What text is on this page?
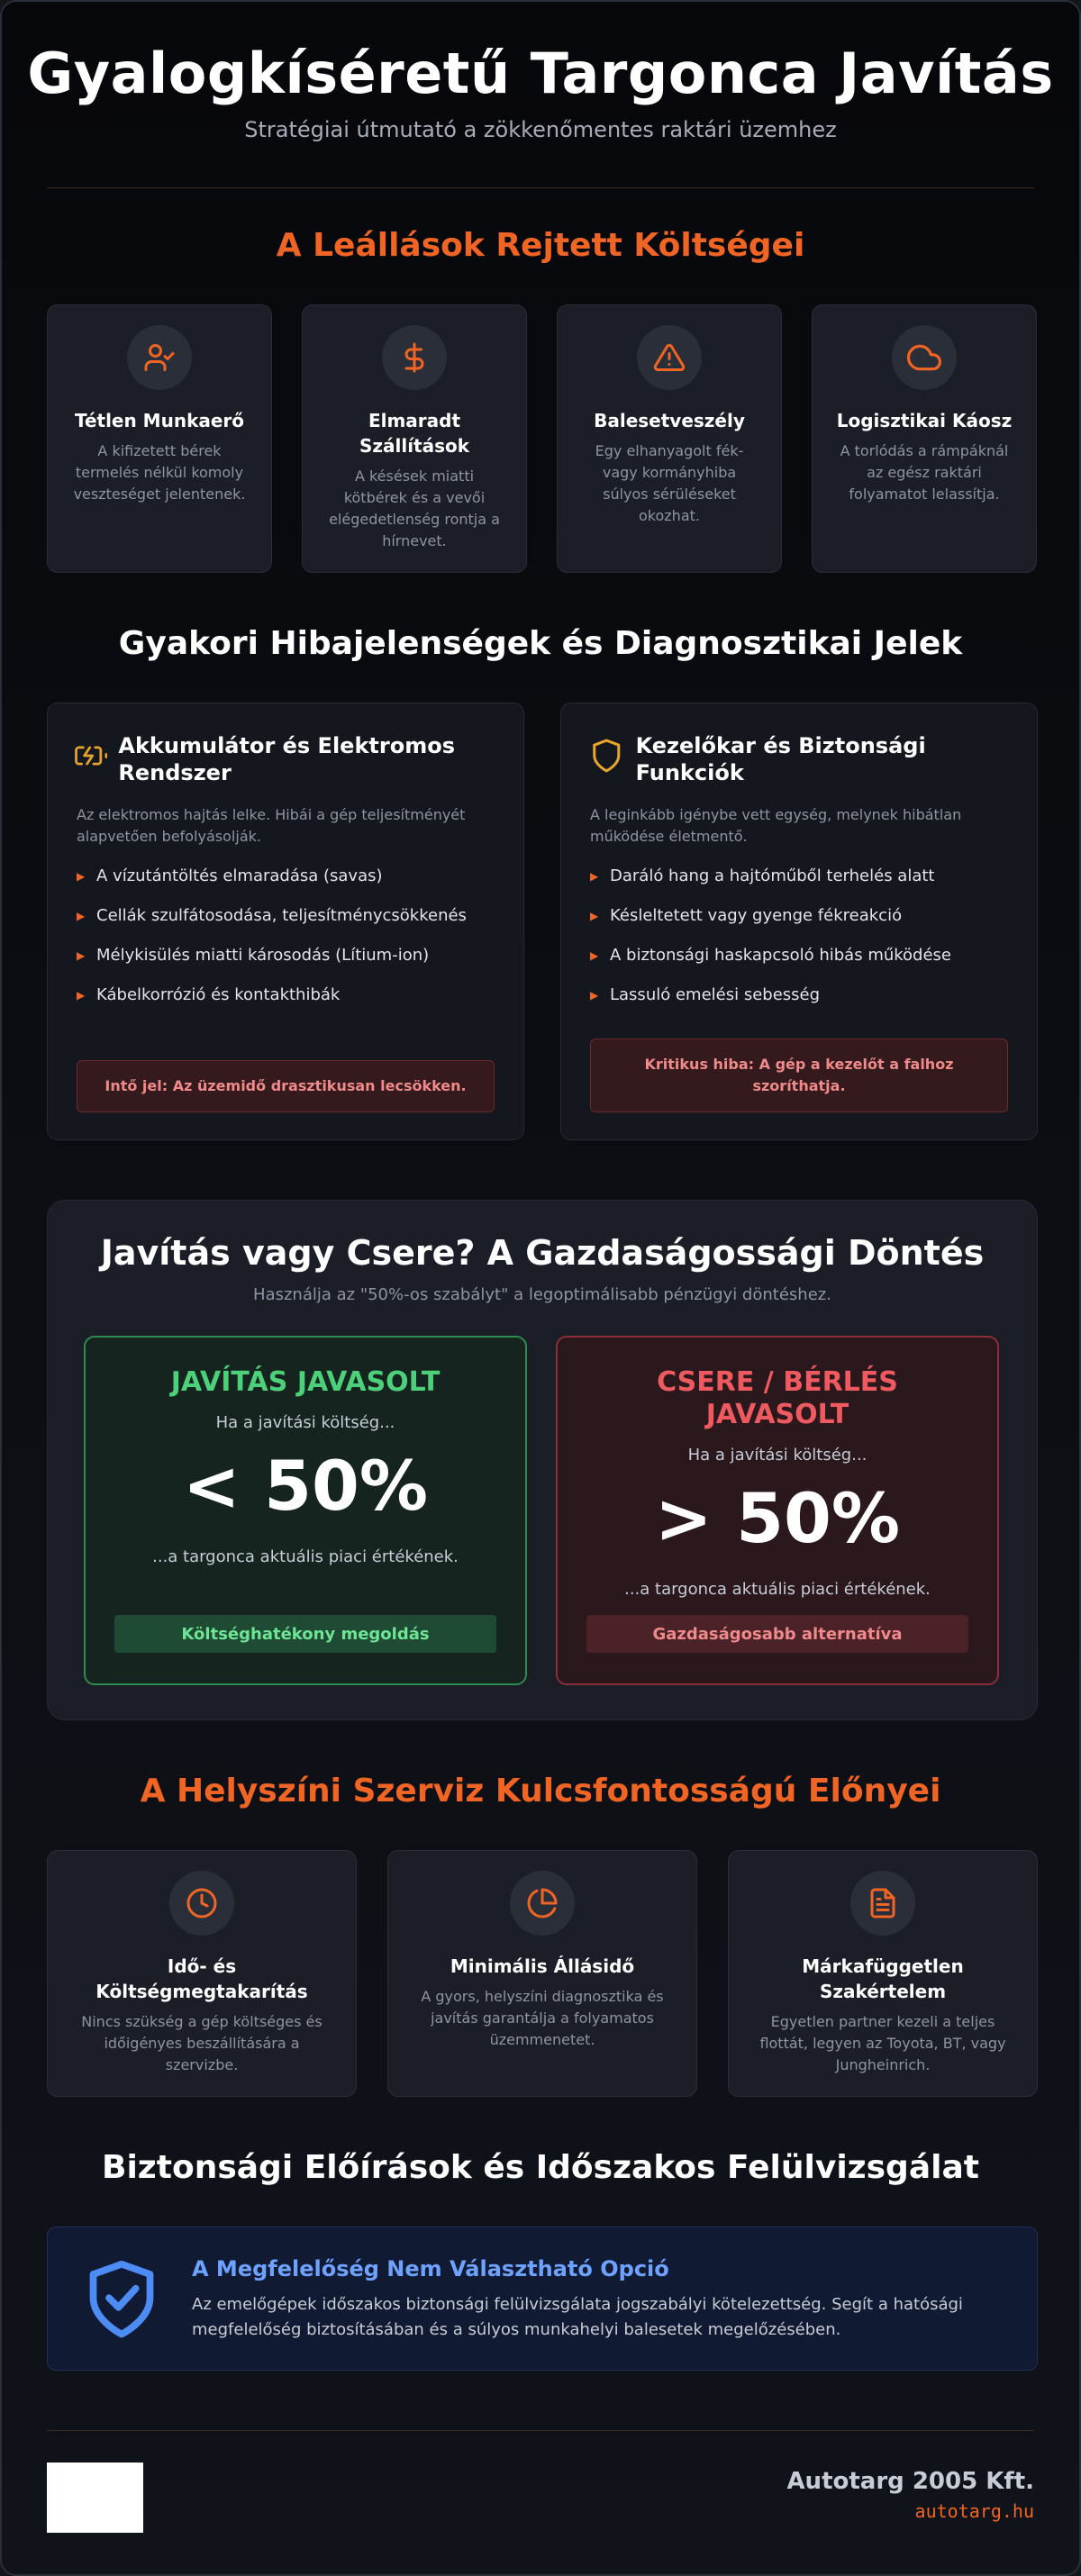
Gyalogkíséretű Targonca Javítás

Stratégiai útmutató a zökkenőmentes raktári üzemhez

A Leállások Rejtett Költségei
Tétlen Munkaerő

A kifizetett bérek termelés nélkül komoly veszteséget jelentenek.

Elmaradt Szállítások

A késések miatti kötbérek és a vevői elégedetlenség rontja a hírnevet.

Balesetveszély

Egy elhanyagolt fék- vagy kormányhiba súlyos sérüléseket okozhat.

Logisztikai Káosz

A torlódás a rámpáknál az egész raktári folyamatot lelassítja.

Gyakori Hibajelenségek és Diagnosztikai Jelek
Akkumulátor és Elektromos Rendszer
Az elektromos hajtás lelke. Hibái a gép teljesítményét alapvetően befolyásolják.
▶ A vízutántöltés elmaradása (savas)
▶ Cellák szulfátosodása, teljesítménycsökkenés
▶ Mélykisülés miatti károsodás (Lítium-ion)
▶ Kábelkorrózió és kontakthibák
Intő jel: Az üzemidő drasztikusan lecsökken.
Kezelőkar és Biztonsági Funkciók
A leginkább igénybe vett egység, melynek hibátlan működése életmentő.
▶ Daráló hang a hajtóműből terhelés alatt
▶ Késleltetett vagy gyenge fékreakció
▶ A biztonsági haskapcsoló hibás működése
▶ Lassuló emelési sebesség
Kritikus hiba: A gép a kezelőt a falhoz szoríthatja.
Javítás vagy Csere? A Gazdaságossági Döntés
Használja az "50%-os szabályt" a legoptimálisabb pénzügyi döntéshez.
JAVÍTÁS JAVASOLT
Ha a javítási költség...
< 50%
...a targonca aktuális piaci értékének.
Költséghatékony megoldás
CSERE / BÉRLÉS JAVASOLT
Ha a javítási költség...
> 50%
...a targonca aktuális piaci értékének.
Gazdaságosabb alternatíva
A Helyszíni Szerviz Kulcsfontosságú Előnyei
Idő- és Költségmegtakarítás

Nincs szükség a gép költséges és időigényes beszállítására a szervizbe.

Minimális Állásidő

A gyors, helyszíni diagnosztika és javítás garantálja a folyamatos üzemmenetet.

Márkafüggetlen Szakértelem

Egyetlen partner kezeli a teljes flottát, legyen az Toyota, BT, vagy Jungheinrich.

Biztonsági Előírások és Időszakos Felülvizsgálat
A Megfelelőség Nem Választható Opció

Az emelőgépek időszakos biztonsági felülvizsgálata jogszabályi kötelezettség. Segít a hatósági megfelelőség biztosításában és a súlyos munkahelyi balesetek megelőzésében.

Autotarg 2005 Kft.
autotarg.hu
